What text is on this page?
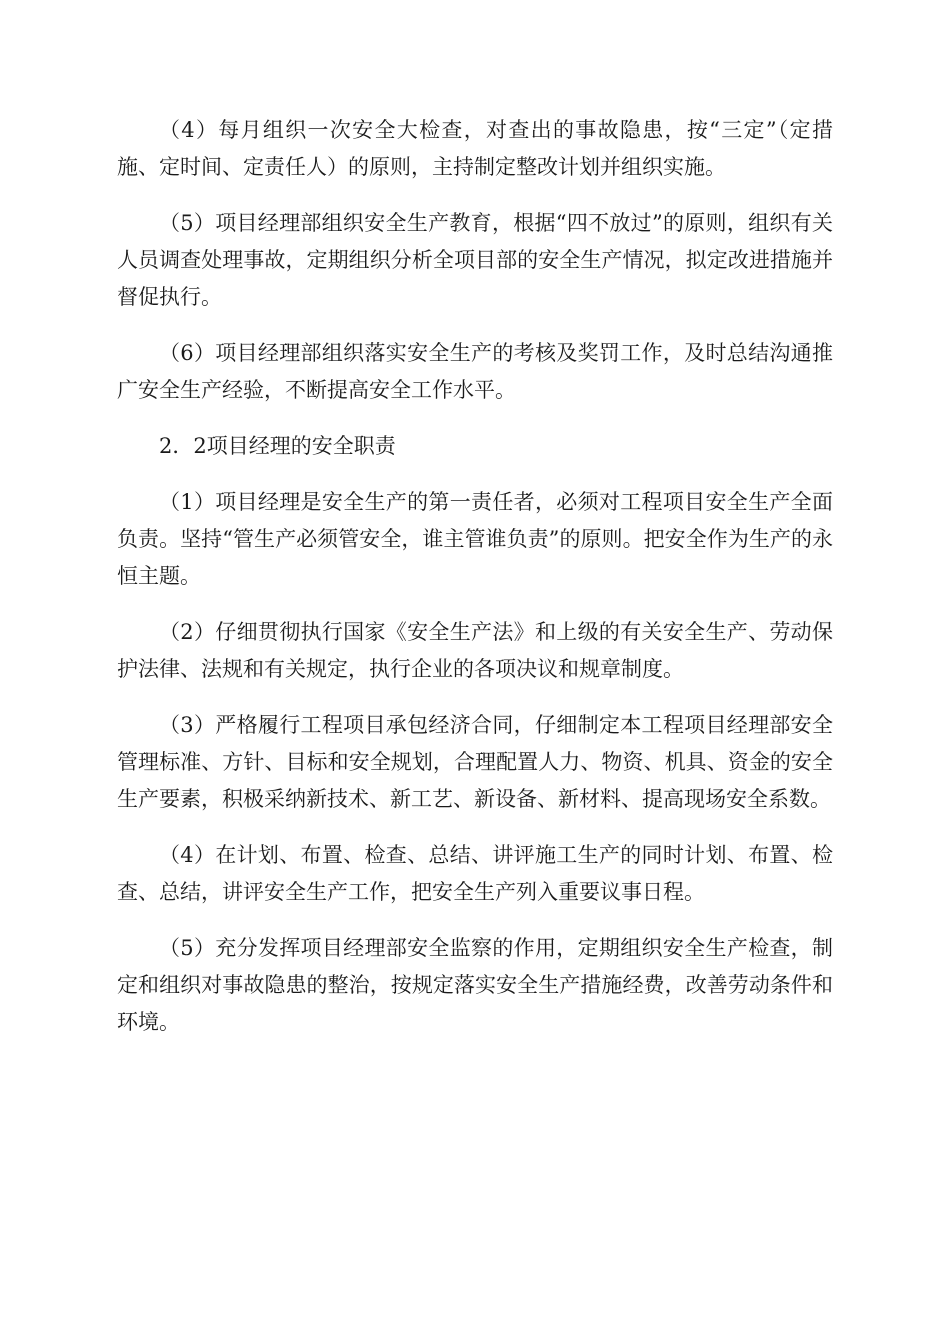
（4）每月组织一次安全大检查，对查出的事故隐患，按“三定”（定措施、定时间、定责任人）的原则，主持制定整改计划并组织实施。

（5）项目经理部组织安全生产教育，根据“四不放过”的原则，组织有关人员调查处理事故，定期组织分析全项目部的安全生产情况，拟定改进措施并督促执行。

（6）项目经理部组织落实安全生产的考核及奖罚工作，及时总结沟通推广安全生产经验，不断提高安全工作水平。

2．2项目经理的安全职责

（1）项目经理是安全生产的第一责任者，必须对工程项目安全生产全面负责。坚持“管生产必须管安全，谁主管谁负责”的原则。把安全作为生产的永恒主题。

（2）仔细贯彻执行国家《安全生产法》和上级的有关安全生产、劳动保护法律、法规和有关规定，执行企业的各项决议和规章制度。

（3）严格履行工程项目承包经济合同，仔细制定本工程项目经理部安全管理标准、方针、目标和安全规划，合理配置人力、物资、机具、资金的安全生产要素，积极采纳新技术、新工艺、新设备、新材料、提高现场安全系数。

（4）在计划、布置、检查、总结、讲评施工生产的同时计划、布置、检查、总结，讲评安全生产工作，把安全生产列入重要议事日程。

（5）充分发挥项目经理部安全监察的作用，定期组织安全生产检查，制定和组织对事故隐患的整治，按规定落实安全生产措施经费，改善劳动条件和环境。
